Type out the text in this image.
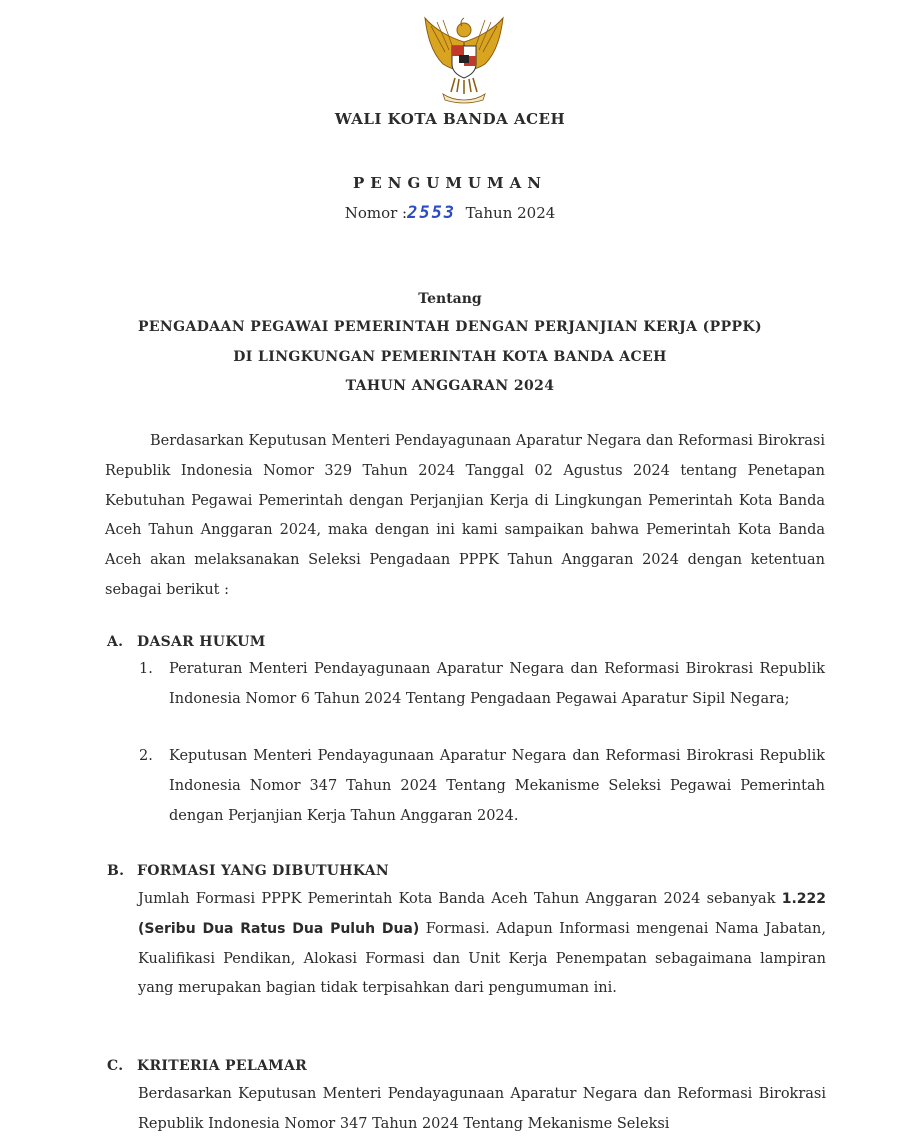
WALI KOTA BANDA ACEH
PENGUMUMAN
Nomor :2553 Tahun 2024
Tentang
PENGADAAN PEGAWAI PEMERINTAH DENGAN PERJANJIAN KERJA (PPPK)
DI LINGKUNGAN PEMERINTAH KOTA BANDA ACEH
TAHUN ANGGARAN 2024
Berdasarkan Keputusan Menteri Pendayagunaan Aparatur Negara dan Reformasi Birokrasi Republik Indonesia Nomor 329 Tahun 2024 Tanggal 02 Agustus 2024 tentang Penetapan Kebutuhan Pegawai Pemerintah dengan Perjanjian Kerja di Lingkungan Pemerintah Kota Banda Aceh Tahun Anggaran 2024, maka dengan ini kami sampaikan bahwa Pemerintah Kota Banda Aceh akan melaksanakan Seleksi Pengadaan PPPK Tahun Anggaran 2024 dengan ketentuan sebagai berikut :
A. DASAR HUKUM
1. Peraturan Menteri Pendayagunaan Aparatur Negara dan Reformasi Birokrasi Republik Indonesia Nomor 6 Tahun 2024 Tentang Pengadaan Pegawai Aparatur Sipil Negara;
2. Keputusan Menteri Pendayagunaan Aparatur Negara dan Reformasi Birokrasi Republik Indonesia Nomor 347 Tahun 2024 Tentang Mekanisme Seleksi Pegawai Pemerintah dengan Perjanjian Kerja Tahun Anggaran 2024.
B. FORMASI YANG DIBUTUHKAN
Jumlah Formasi PPPK Pemerintah Kota Banda Aceh Tahun Anggaran 2024 sebanyak 1.222 (Seribu Dua Ratus Dua Puluh Dua) Formasi. Adapun Informasi mengenai Nama Jabatan, Kualifikasi Pendikan, Alokasi Formasi dan Unit Kerja Penempatan sebagaimana lampiran yang merupakan bagian tidak terpisahkan dari pengumuman ini.
C. KRITERIA PELAMAR
Berdasarkan Keputusan Menteri Pendayagunaan Aparatur Negara dan Reformasi Birokrasi Republik Indonesia Nomor 347 Tahun 2024 Tentang Mekanisme Seleksi
